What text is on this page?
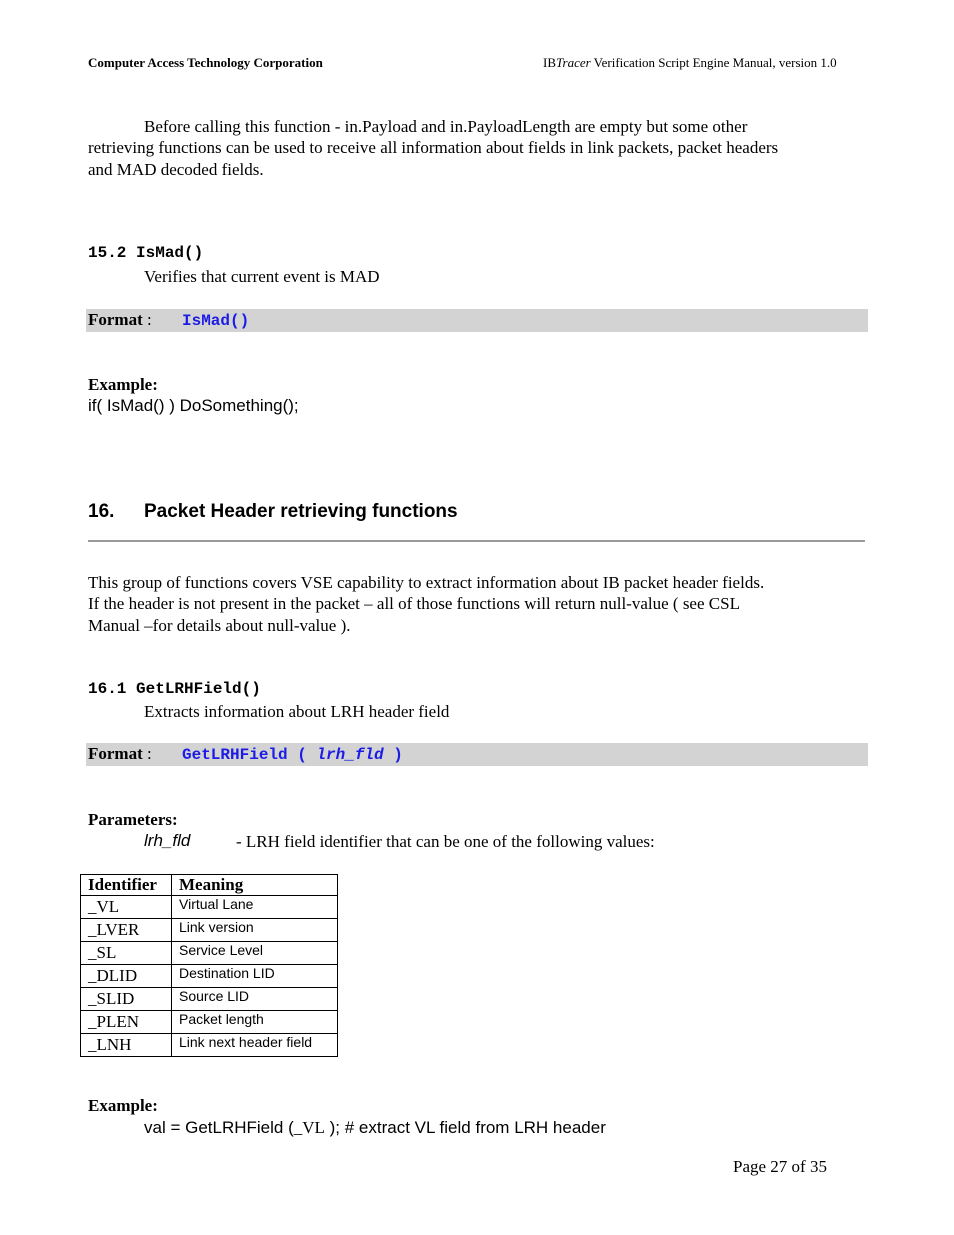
Computer Access Technology Corporation	IBTracer Verification Script Engine Manual, version 1.0
Before calling this function - in.Payload and in.PayloadLength are empty but some other
retrieving functions can be used to receive all information about fields in link packets, packet headers
and MAD decoded fields.
15.2 IsMad()
Verifies that current event is MAD
Format : IsMad()
Example:
if( IsMad() ) DoSomething();
16. Packet Header retrieving functions
This group of functions covers VSE capability to extract information about IB packet header fields.
If the header is not present in the packet – all of those functions will return null-value ( see CSL
Manual –for details about null-value ).
16.1 GetLRHField()
Extracts information about LRH header field
Format : GetLRHField ( lrh_fld )
Parameters:
lrh_fld	- LRH field identifier that can be one of the following values:
Identifier	Meaning
_VL	Virtual Lane
_LVER	Link version
_SL	Service Level
_DLID	Destination LID
_SLID	Source LID
_PLEN	Packet length
_LNH	Link next header field
Example:
val = GetLRHField (_VL ); # extract VL field from LRH header
Page 27 of 35
